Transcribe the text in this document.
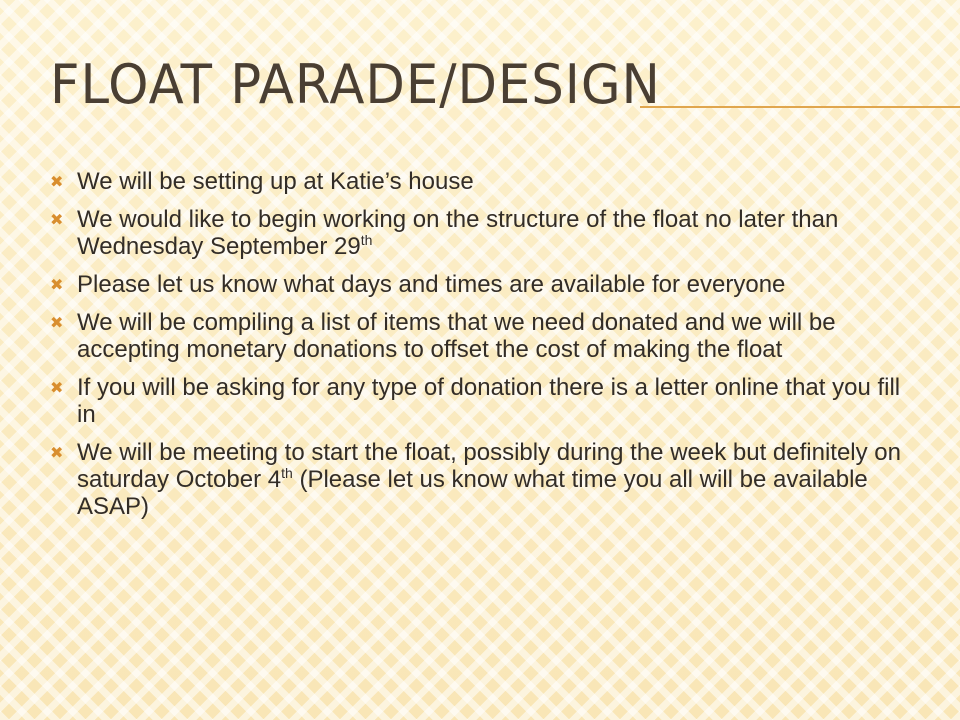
FLOAT PARADE/DESIGN
✖ We will be setting up at Katie’s house
✖ We would like to begin working on the structure of the float no later than Wednesday September 29th
✖ Please let us know what days and times are available for everyone
✖ We will be compiling a list of items that we need donated and we will be accepting monetary donations to offset the cost of making the float
✖ If you will be asking for any type of donation there is a letter online that you fill in
✖ We will be meeting to start the float, possibly during the week but definitely on saturday October 4th (Please let us know what time you all will be available ASAP)
